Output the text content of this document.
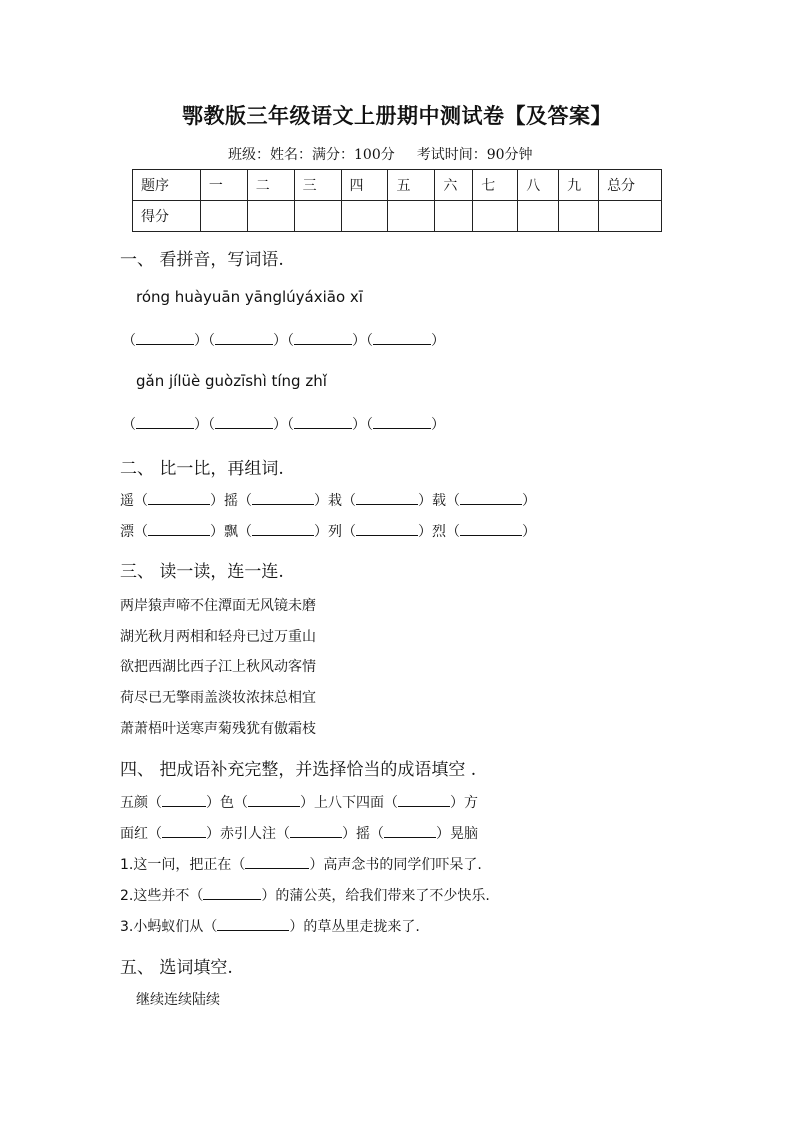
鄂教版三年级语文上册期中测试卷【及答案】
班级：姓名：满分：100分 考试时间：90分钟
题序	一	二	三	四	五	六	七	八	九	总分
得分										
一、 看拼音，写词语.
róng huàyuān yānglúyáxiāo xī
（	）（	）（	）（	）
gǎn jílüè guòzīshì tíng zhǐ
（	）（	）（	）（	）
二、 比一比，再组词.
遥（	）摇（	）栽（	）载（	）
漂（	）飘（	）列（	）烈（	）
三、 读一读，连一连.
两岸猿声啼不住潭面无风镜未磨
湖光秋月两相和轻舟已过万重山
欲把西湖比西子江上秋风动客情
荷尽已无擎雨盖淡妆浓抹总相宜
萧萧梧叶送寒声菊残犹有傲霜枝
四、 把成语补充完整，并选择恰当的成语填空 .
五颜（	）色（	）上八下四面（	）方
面红（	）赤引人注（	）摇（	）晃脑
1.这一问，把正在（	）高声念书的同学们吓呆了.
2.这些并不（	）的蒲公英，给我们带来了不少快乐.
3.小蚂蚁们从（	）的草丛里走拢来了.
五、 选词填空.
继续连续陆续
